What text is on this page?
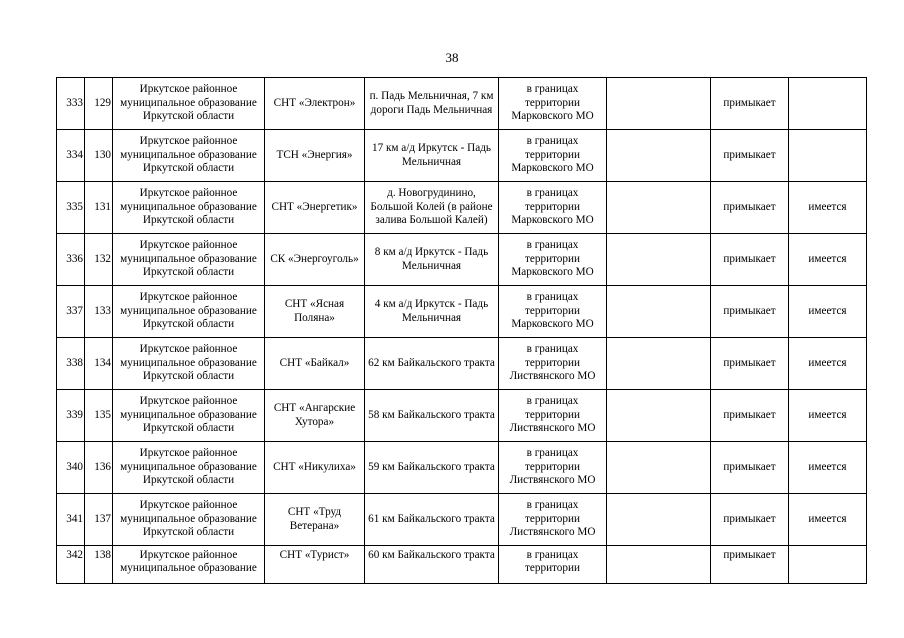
38
333	129	Иркутское районное муниципальное образование Иркутской области	СНТ «Электрон»	п. Падь Мельничная, 7 км дороги Падь Мельничная	в границах территории Марковского МО		примыкает	
334	130	Иркутское районное муниципальное образование Иркутской области	ТСН «Энергия»	17 км а/д Иркутск - Падь Мельничная	в границах территории Марковского МО		примыкает	
335	131	Иркутское районное муниципальное образование Иркутской области	СНТ «Энергетик»	д. Новогрудинино, Большой Колей (в районе залива Большой Калей)	в границах территории Марковского МО		примыкает	имеется
336	132	Иркутское районное муниципальное образование Иркутской области	СК «Энергоуголь»	8 км а/д Иркутск - Падь Мельничная	в границах территории Марковского МО		примыкает	имеется
337	133	Иркутское районное муниципальное образование Иркутской области	СНТ «Ясная Поляна»	4 км а/д Иркутск - Падь Мельничная	в границах территории Марковского МО		примыкает	имеется
338	134	Иркутское районное муниципальное образование Иркутской области	СНТ «Байкал»	62 км Байкальского тракта	в границах территории Листвянского МО		примыкает	имеется
339	135	Иркутское районное муниципальное образование Иркутской области	СНТ «Ангарские Хутора»	58 км Байкальского тракта	в границах территории Листвянского МО		примыкает	имеется
340	136	Иркутское районное муниципальное образование Иркутской области	СНТ «Никулиха»	59 км Байкальского тракта	в границах территории Листвянского МО		примыкает	имеется
341	137	Иркутское районное муниципальное образование Иркутской области	СНТ «Труд Ветерана»	61 км Байкальского тракта	в границах территории Листвянского МО		примыкает	имеется
342	138	Иркутское районное муниципальное образование	СНТ «Турист»	60 км Байкальского тракта	в границах территории		примыкает	
